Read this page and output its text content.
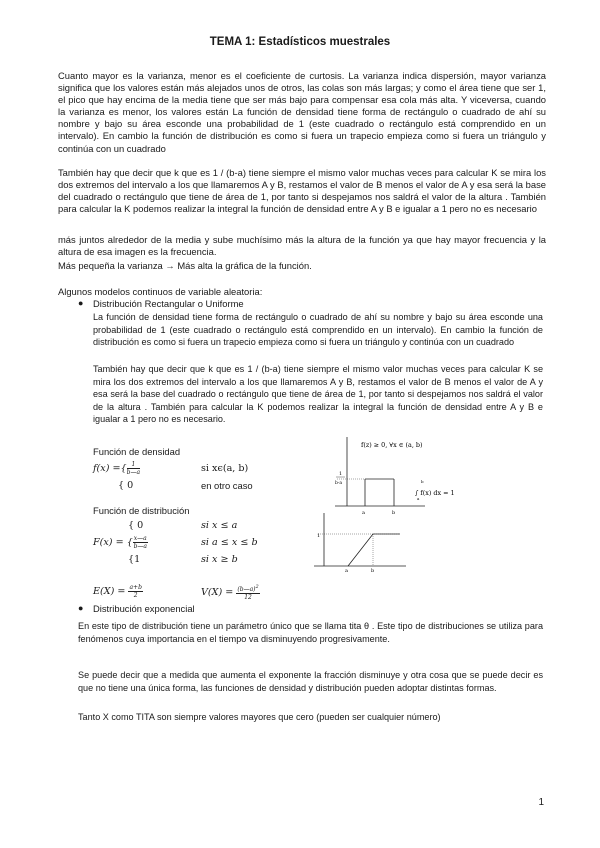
TEMA 1: Estadísticos muestrales
Cuanto mayor es la varianza, menor es el coeficiente de curtosis. La varianza indica dispersión, mayor varianza significa que los valores están más alejados unos de otros, las colas son más largas; y como el área tiene que ser 1, el pico que hay encima de la media tiene que ser más bajo para compensar esa cola más alta. Y viceversa, cuando la varianza es menor, los valores están La función de densidad tiene forma de rectángulo o cuadrado de ahí su nombre y bajo su área esconde una probabilidad de 1 (este cuadrado o rectángulo está comprendido en un intervalo). En cambio la función de distribución es como si fuera un trapecio empieza como si fuera un triángulo y continúa con un cuadrado
También hay que decir que k que es 1 / (b-a) tiene siempre el mismo valor muchas veces para calcular K se mira los dos extremos del intervalo a los que llamaremos A y B, restamos el valor de B menos el valor de A y esa será la base del cuadrado o rectángulo que tiene de área de 1, por tanto si despejamos nos saldrá el valor de la altura . También para calcular la K podemos realizar la integral la función de densidad entre A y B e igualar a 1 pero no es necesario
más juntos alrededor de la media y sube muchísimo más la altura de la función ya que hay mayor frecuencia y la altura de esa imagen es la frecuencia.
Más pequeña la varianza → Más alta la gráfica de la función.
Algunos modelos continuos de variable aleatoria:
● Distribución Rectangular o Uniforme
La función de densidad tiene forma de rectángulo o cuadrado de ahí su nombre y bajo su área esconde una probabilidad de 1 (este cuadrado o rectángulo está comprendido en un intervalo). En cambio la función de distribución es como si fuera un trapecio empieza como si fuera un triángulo y continúa con un cuadrado
También hay que decir que k que es 1 / (b-a) tiene siempre el mismo valor muchas veces para calcular K se mira los dos extremos del intervalo a los que llamaremos A y B, restamos el valor de B menos el valor de A y esa será la base del cuadrado o rectángulo que tiene de área de 1, por tanto si despejamos nos saldrá el valor de la altura . También para calcular la K podemos realizar la integral la función de densidad entre A y B e igualar a 1 pero no es necesario.
Función de densidad
f(x) ={ $\frac{1}{b—a}$	si xϵ(a, b)
{ 0	en otro caso
Función de distribución
{ 0	si x ≤ a
F(x) = { $\frac{x—a}{b—a}$	si a ≤ x ≤ b
{1	si x ≥ b
$E(X) = \frac{a+b}{2}$	$V(X) = \frac{(b—a)^2}{12}$
1
b-a
f(z) ≥ 0, ∀x ∈ (a, b)
∫ f(x) dx = 1
b
a
a	b
1
a	b
● Distribución exponencial
En este tipo de distribución tiene un parámetro único que se llama tita θ . Este tipo de distribuciones se utiliza para fenómenos cuya importancia en el tiempo va disminuyendo progresivamente.
Se puede decir que a medida que aumenta el exponente la fracción disminuye y otra cosa que se puede decir es que no tiene una única forma, las funciones de densidad y distribución pueden adoptar distintas formas.
Tanto X como TITA son siempre valores mayores que cero (pueden ser cualquier número)
1
